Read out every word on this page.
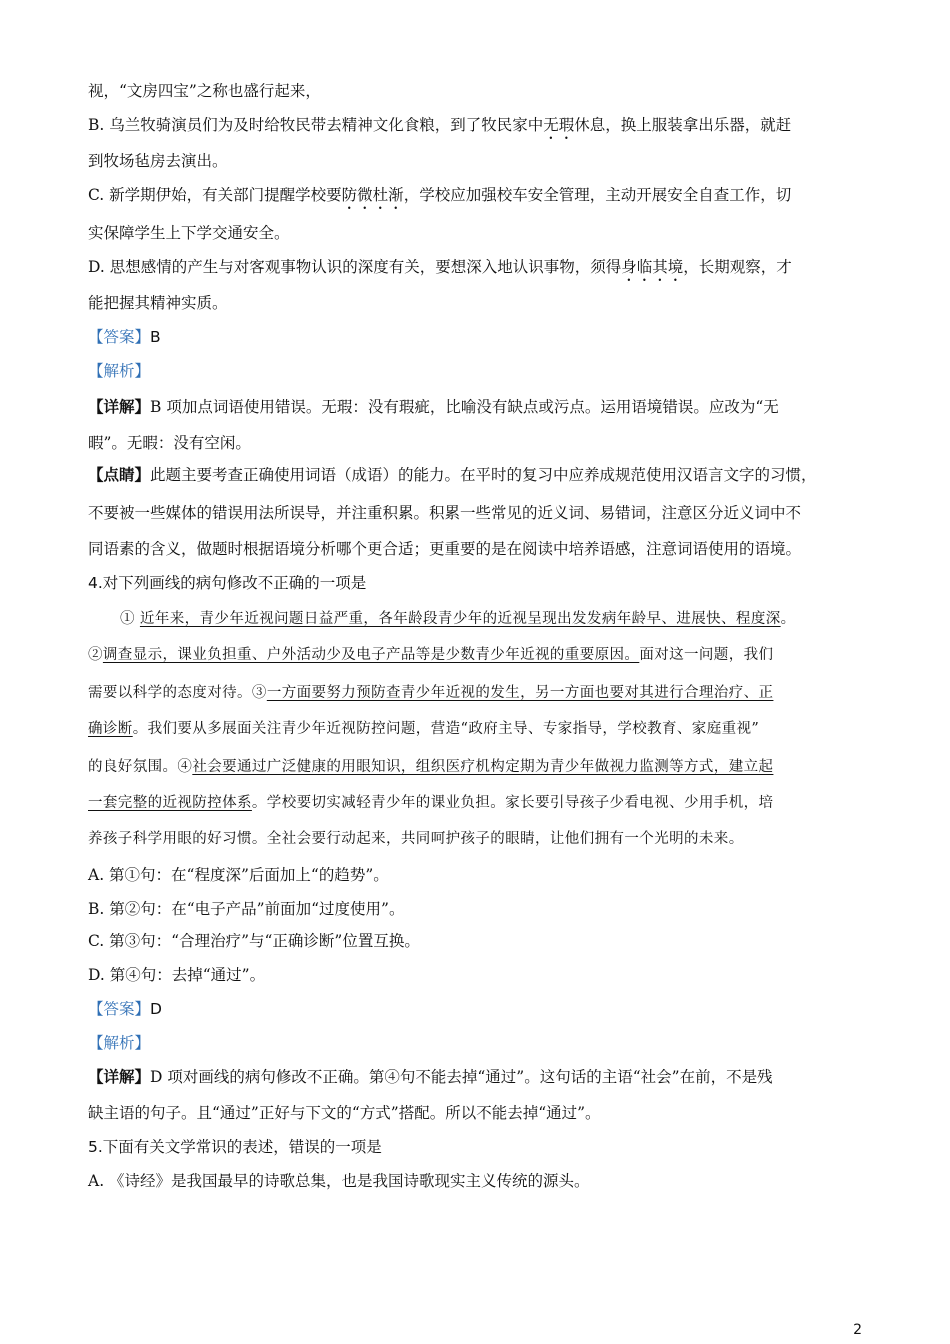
视，“文房四宝”之称也盛行起来，
B. 乌兰牧骑演员们为及时给牧民带去精神文化食粮，到了牧民家中无瑕休息，换上服装拿出乐器，就赶
到牧场毡房去演出。
C. 新学期伊始，有关部门提醒学校要防微杜渐，学校应加强校车安全管理，主动开展安全自查工作，切
实保障学生上下学交通安全。
D. 思想感情的产生与对客观事物认识的深度有关，要想深入地认识事物，须得身临其境，长期观察，才
能把握其精神实质。
【答案】B
【解析】
【详解】B 项加点词语使用错误。无瑕：没有瑕疵，比喻没有缺点或污点。运用语境错误。应改为“无
暇”。无暇：没有空闲。
【点睛】此题主要考查正确使用词语（成语）的能力。在平时的复习中应养成规范使用汉语言文字的习惯，
不要被一些媒体的错误用法所误导，并注重积累。积累一些常见的近义词、易错词，注意区分近义词中不
同语素的含义，做题时根据语境分析哪个更合适；更重要的是在阅读中培养语感，注意词语使用的语境。
4.对下列画线的病句修改不正确的一项是
① 近年来，青少年近视问题日益严重，各年龄段青少年的近视呈现出发发病年龄早、进展快、程度深。
②调查显示，课业负担重、户外活动少及电子产品等是少数青少年近视的重要原因。面对这一问题，我们
需要以科学的态度对待。③一方面要努力预防查青少年近视的发生，另一方面也要对其进行合理治疗、正
确诊断。我们要从多展面关注青少年近视防控问题，营造“政府主导、专家指导，学校教育、家庭重视”
的良好氛围。④社会要通过广泛健康的用眼知识，组织医疗机构定期为青少年做视力监测等方式，建立起
一套完整的近视防控体系。学校要切实减轻青少年的课业负担。家长要引导孩子少看电视、少用手机，培
养孩子科学用眼的好习惯。全社会要行动起来，共同呵护孩子的眼睛，让他们拥有一个光明的未来。
A. 第①句：在“程度深”后面加上“的趋势”。
B. 第②句：在“电子产品”前面加“过度使用”。
C. 第③句：“合理治疗”与“正确诊断”位置互换。
D. 第④句：去掉“通过”。
【答案】D
【解析】
【详解】D 项对画线的病句修改不正确。第④句不能去掉“通过”。这句话的主语“社会”在前，不是残
缺主语的句子。且“通过”正好与下文的“方式”搭配。所以不能去掉“通过”。
5.下面有关文学常识的表述，错误的一项是
A. 《诗经》是我国最早的诗歌总集，也是我国诗歌现实主义传统的源头。
2
